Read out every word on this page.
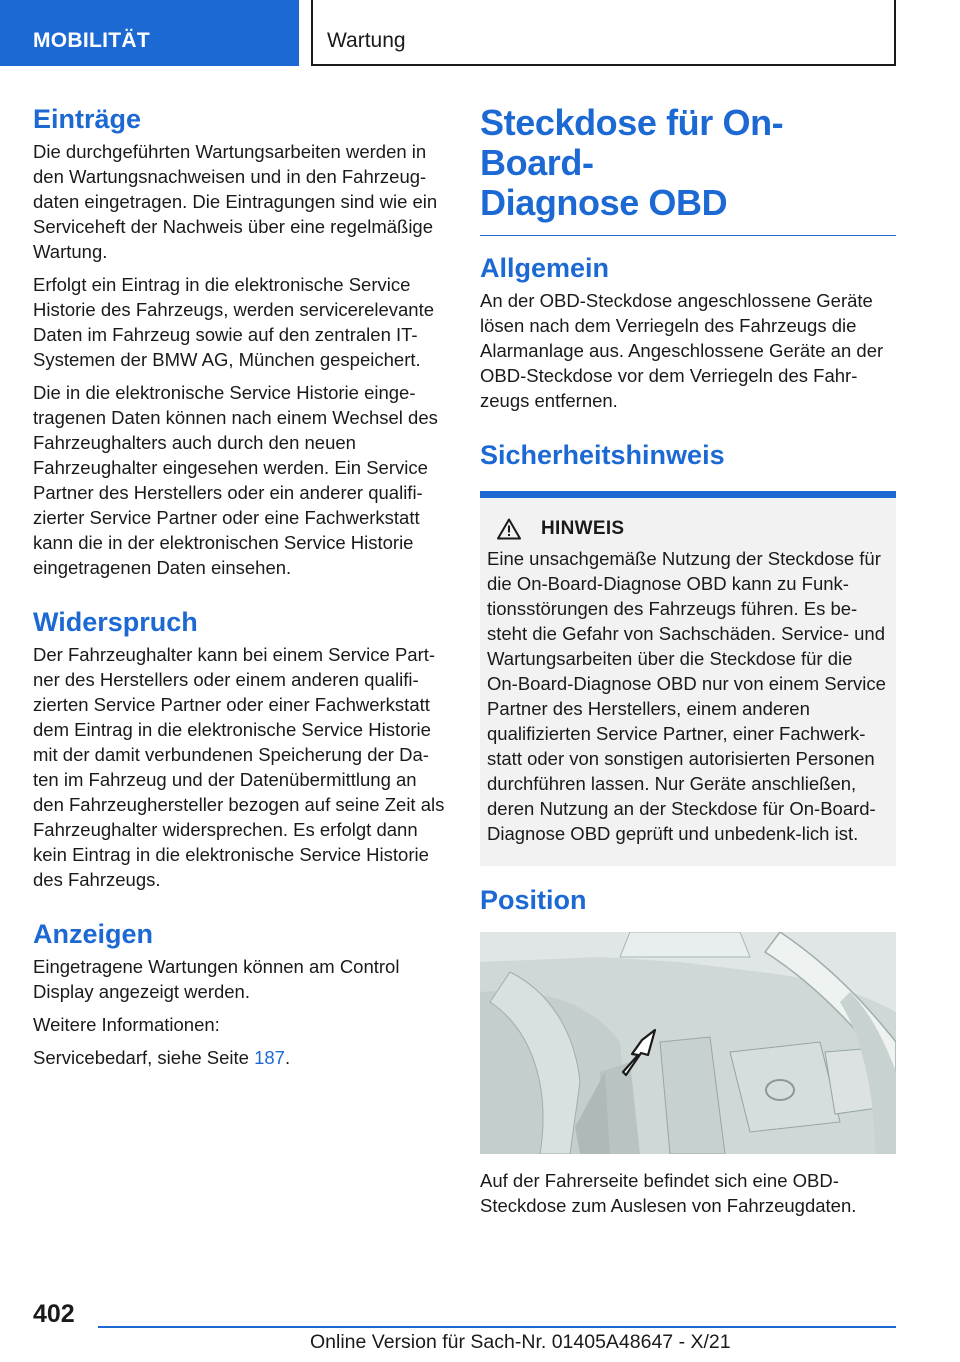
MOBILITÄT	Wartung
Einträge

Die durchgeführten Wartungsarbeiten werden in den Wartungsnachweisen und in den Fahrzeug-daten eingetragen. Die Eintragungen sind wie ein Serviceheft der Nachweis über eine regelmäßige Wartung.

Erfolgt ein Eintrag in die elektronische Service Historie des Fahrzeugs, werden servicerelevante Daten im Fahrzeug sowie auf den zentralen IT-Systemen der BMW AG, München gespeichert.

Die in die elektronische Service Historie einge-tragenen Daten können nach einem Wechsel des Fahrzeughalters auch durch den neuen Fahrzeughalter eingesehen werden. Ein Service Partner des Herstellers oder ein anderer qualifi-zierter Service Partner oder eine Fachwerkstatt kann die in der elektronischen Service Historie eingetragenen Daten einsehen.

Widerspruch

Der Fahrzeughalter kann bei einem Service Part-ner des Herstellers oder einem anderen qualifi-zierten Service Partner oder einer Fachwerkstatt dem Eintrag in die elektronische Service Historie mit der damit verbundenen Speicherung der Da-ten im Fahrzeug und der Datenübermittlung an den Fahrzeughersteller bezogen auf seine Zeit als Fahrzeughalter widersprechen. Es erfolgt dann kein Eintrag in die elektronische Service Historie des Fahrzeugs.

Anzeigen

Eingetragene Wartungen können am Control Display angezeigt werden.

Weitere Informationen:

Servicebedarf, siehe Seite 187.

Steckdose für On-Board-
Diagnose OBD
Allgemein

An der OBD-Steckdose angeschlossene Geräte lösen nach dem Verriegeln des Fahrzeugs die Alarmanlage aus. Angeschlossene Geräte an der OBD-Steckdose vor dem Verriegeln des Fahr-zeugs entfernen.

Sicherheitshinweis
HINWEIS

Eine unsachgemäße Nutzung der Steckdose für die On-Board-Diagnose OBD kann zu Funk-tionsstörungen des Fahrzeugs führen. Es be-steht die Gefahr von Sachschäden. Service- und Wartungsarbeiten über die Steckdose für die On-Board-Diagnose OBD nur von einem Service Partner des Herstellers, einem anderen qualifizierten Service Partner, einer Fachwerk-statt oder von sonstigen autorisierten Personen durchführen lassen. Nur Geräte anschließen, deren Nutzung an der Steckdose für On-Board-Diagnose OBD geprüft und unbedenk-lich ist.

Position

Auf der Fahrerseite befindet sich eine OBD-Steckdose zum Auslesen von Fahrzeugdaten.

402
Online Version für Sach-Nr. 01405A48647 - X/21
